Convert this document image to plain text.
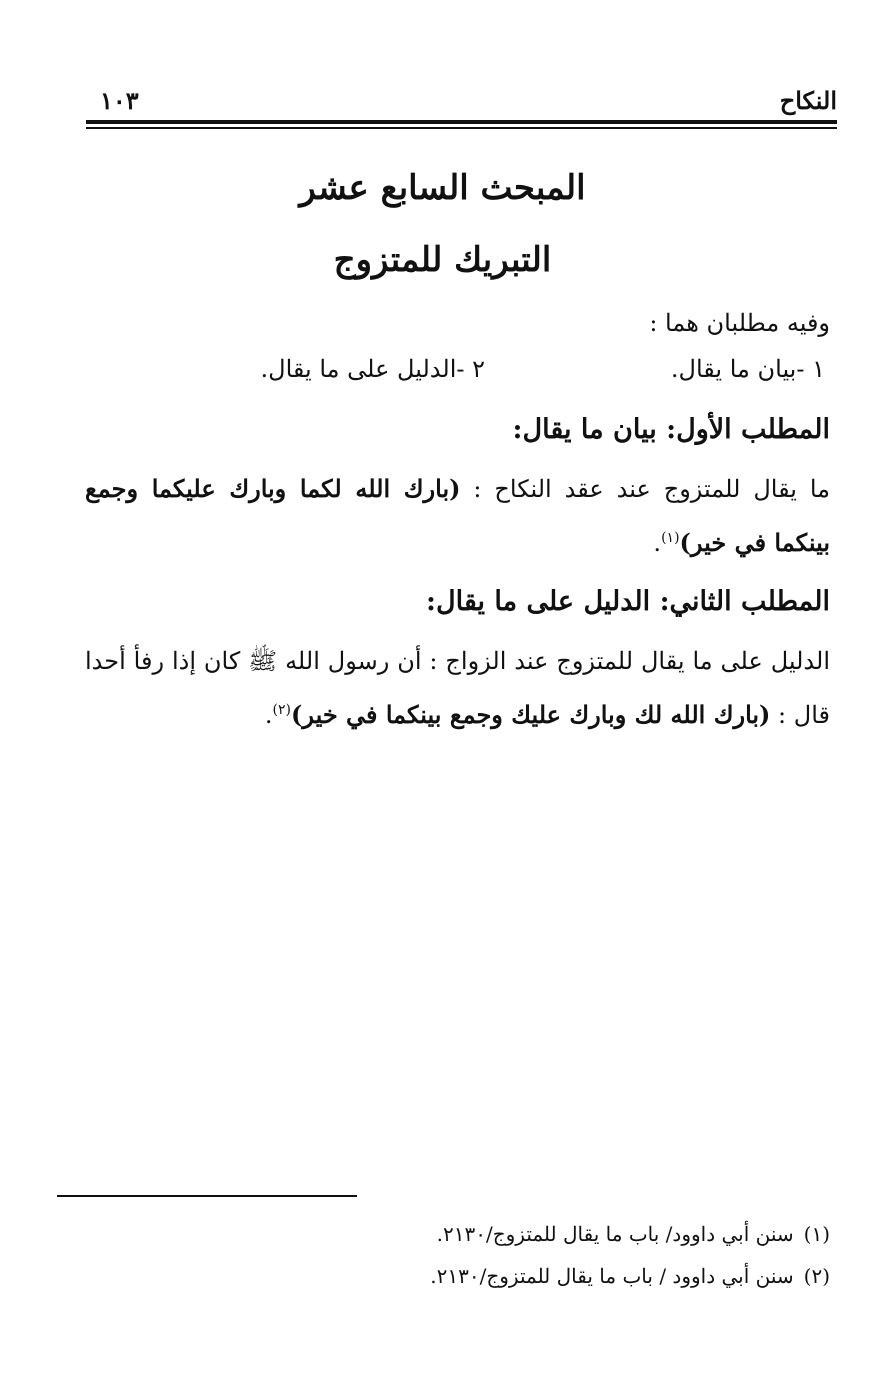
النكاح
١٠٣
المبحث السابع عشر
التبريك للمتزوج
وفيه مطلبان هما :
١ -بيان ما يقال.
٢ -الدليل على ما يقال.
المطلب الأول: بيان ما يقال:
ما يقال للمتزوج عند عقد النكاح : (بارك الله لكما وبارك عليكما وجمع بينكما في خير)$^{(١)}$.
المطلب الثاني: الدليل على ما يقال:
الدليل على ما يقال للمتزوج عند الزواج : أن رسول الله ﷺ كان إذا رفأ أحدا قال : (بارك الله لك وبارك عليك وجمع بينكما في خير)$^{(٢)}$.
(١)سنن أبي داوود/ باب ما يقال للمتزوج/٢١٣٠.
(٢)سنن أبي داوود / باب ما يقال للمتزوج/٢١٣٠.
